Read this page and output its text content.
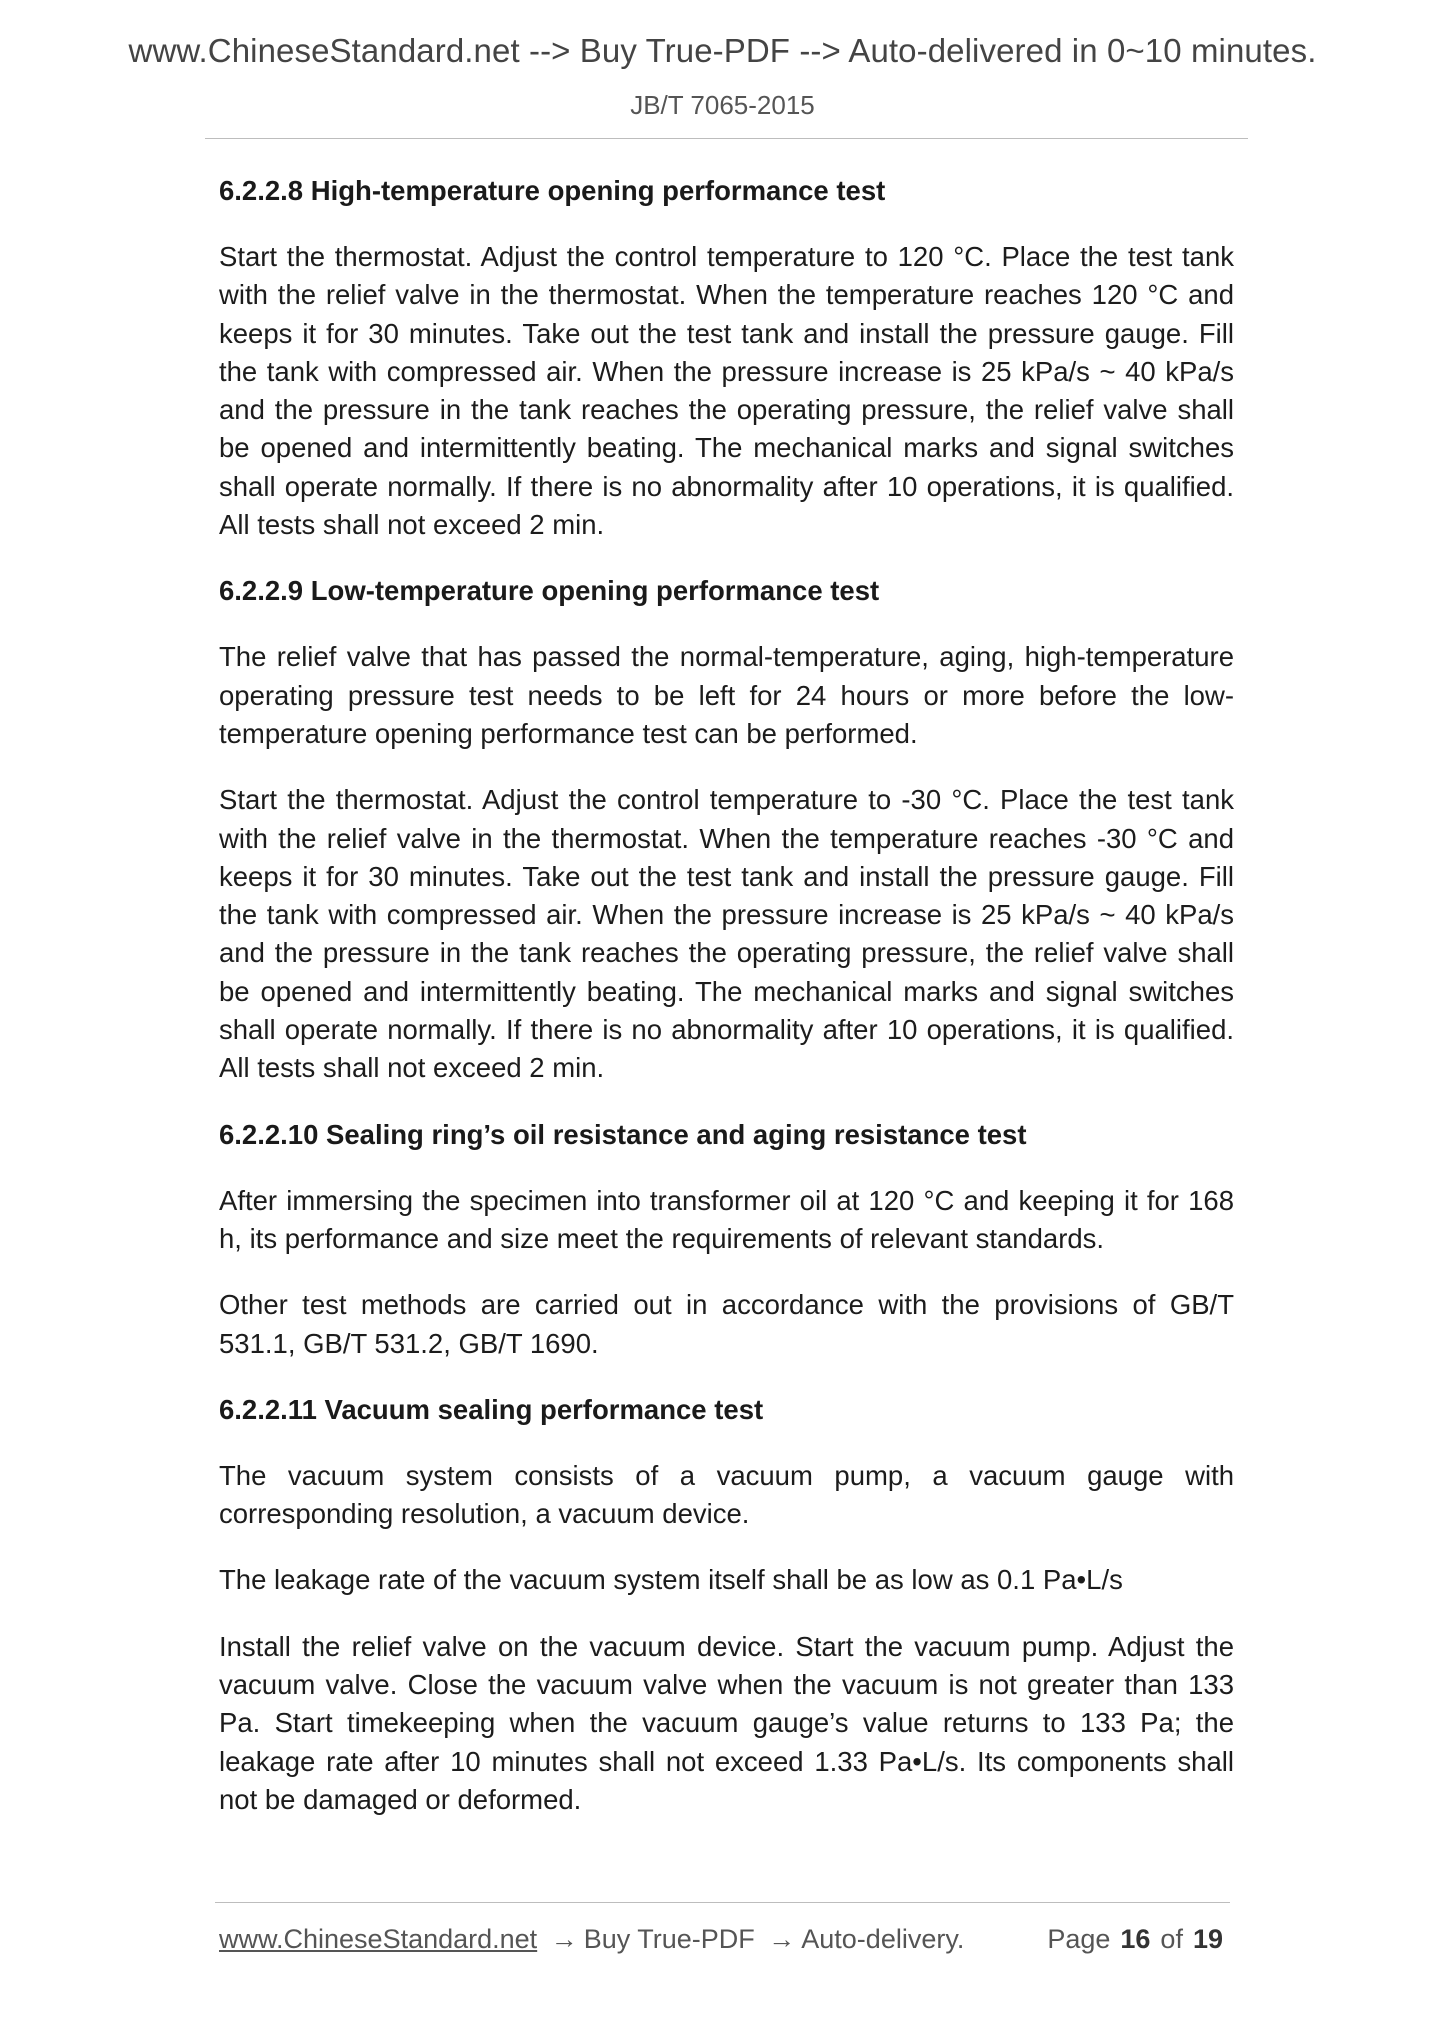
www.ChineseStandard.net --> Buy True-PDF --> Auto-delivered in 0~10 minutes.
JB/T 7065-2015
6.2.2.8 High-temperature opening performance test

Start the thermostat. Adjust the control temperature to 120 °C. Place the test tank with the relief valve in the thermostat. When the temperature reaches 120 °C and keeps it for 30 minutes. Take out the test tank and install the pressure gauge. Fill the tank with compressed air. When the pressure increase is 25 kPa/s ~ 40 kPa/s and the pressure in the tank reaches the operating pressure, the relief valve shall be opened and intermittently beating. The mechanical marks and signal switches shall operate normally. If there is no abnormality after 10 operations, it is qualified. All tests shall not exceed 2 min.

6.2.2.9 Low-temperature opening performance test

The relief valve that has passed the normal-temperature, aging, high-temperature operating pressure test needs to be left for 24 hours or more before the low-temperature opening performance test can be performed.

Start the thermostat. Adjust the control temperature to -30 °C. Place the test tank with the relief valve in the thermostat. When the temperature reaches -30 °C and keeps it for 30 minutes. Take out the test tank and install the pressure gauge. Fill the tank with compressed air. When the pressure increase is 25 kPa/s ~ 40 kPa/s and the pressure in the tank reaches the operating pressure, the relief valve shall be opened and intermittently beating. The mechanical marks and signal switches shall operate normally. If there is no abnormality after 10 operations, it is qualified. All tests shall not exceed 2 min.

6.2.2.10 Sealing ring’s oil resistance and aging resistance test

After immersing the specimen into transformer oil at 120 °C and keeping it for 168 h, its performance and size meet the requirements of relevant standards.

Other test methods are carried out in accordance with the provisions of GB/T 531.1, GB/T 531.2, GB/T 1690.

6.2.2.11 Vacuum sealing performance test

The vacuum system consists of a vacuum pump, a vacuum gauge with corresponding resolution, a vacuum device.

The leakage rate of the vacuum system itself shall be as low as 0.1 Pa•L/s

Install the relief valve on the vacuum device. Start the vacuum pump. Adjust the vacuum valve. Close the vacuum valve when the vacuum is not greater than 133 Pa. Start timekeeping when the vacuum gauge’s value returns to 133 Pa; the leakage rate after 10 minutes shall not exceed 1.33 Pa•L/s. Its components shall not be damaged or deformed.

www.ChineseStandard.net → Buy True-PDF → Auto-delivery.	Page 16 of 19
